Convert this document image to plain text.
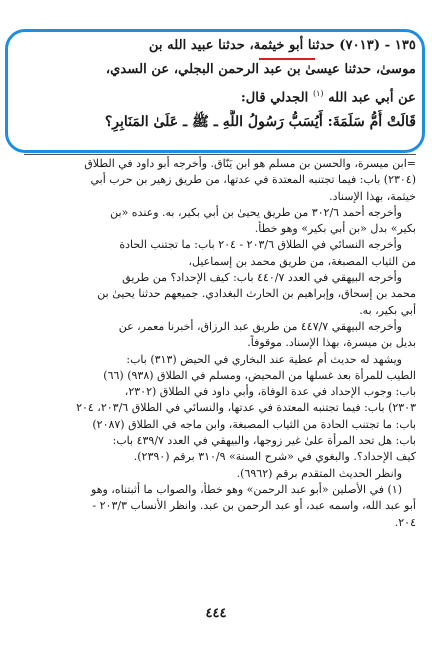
١٣٥ - (٧٠١٣) حدثنا أبو خيثمة، حدثنا عبيد الله بن
موسىٰ، حدثنا عيسىٰ بن عبد الرحمن البجلي، عن السدي،
عن أبي عبد الله $^{(١)}$ الجدلي قال:
قَالَتْ أُمُّ سَلَمَةَ: أَيُسَبُّ رَسُولُ اللَّهِ ـ ﷺ ـ عَلَىٰ المَنَابِرِ؟
=ابن ميسرة، والحسن بن مسلم هو ابن يَنّاق. وأخرجه أبو داود في الطلاق
(٢٣٠٤) باب: فيما تجتنبه المعتدة في عدتها، من طريق زهير بن حرب أبي
خيثمة، بهذا الإسناد.
وأخرجه أحمد ٣٠٢/٦ من طريق يحيىٰ بن أبي بكير، به. وعنده «بن
بكير» بدل «بن أبي بكير» وهو خطأ.
وأخرجه النسائي في الطلاق ٢٠٣/٦ - ٢٠٤ باب: ما تجتنب الحادة
من الثياب المصبغة، من طريق محمد بن إسماعيل،
وأخرجه البيهقي في العدد ٤٤٠/٧ باب: كيف الإحداد؟ من طريق
محمد بن إسحاق، وإبراهيم بن الحارث البغدادي. جميعهم حدثنا يحيىٰ بن
أبي بكير، به.
وأخرجه البيهقي ٤٤٧/٧ من طريق عبد الرزاق، أخبرنا معمر، عن
بديل بن ميسرة، بهذا الإسناد. موقوفاً.
ويشهد له حديث أم عطية عند البخاري في الحيض (٣١٣) باب:
الطيب للمرأة بعد غسلها من المحيض، ومسلم في الطلاق (٩٣٨) (٦٦)
باب: وجوب الإحداد في عدة الوفاة، وأبي داود في الطلاق (٢٣٠٢،
٢٣٠٣) باب: فيما تجتنبه المعتدة في عدتها، والنسائي في الطلاق ٢٠٣/٦، ٢٠٤
باب: ما تجتنب الحادة من الثياب المصبغة، وابن ماجه في الطلاق (٢٠٨٧)
باب: هل تحد المرأة علىٰ غير زوجها، والبيهقي في العدد ٤٣٩/٧ باب:
كيف الإحداد؟. والبغوي في «شرح السنة» ٣١٠/٩ برقم (٢٣٩٠).
وانظر الحديث المتقدم برقم (٦٩٦٢).
(١) في الأصلين «أبو عبد الرحمن» وهو خطأ، والصواب ما أثبتناه، وهو
أبو عبد الله، واسمه عبد، أو عبد الرحمن بن عبد. وانظر الأنساب ٢٠٣/٣ -
٢٠٤.
٤٤٤
